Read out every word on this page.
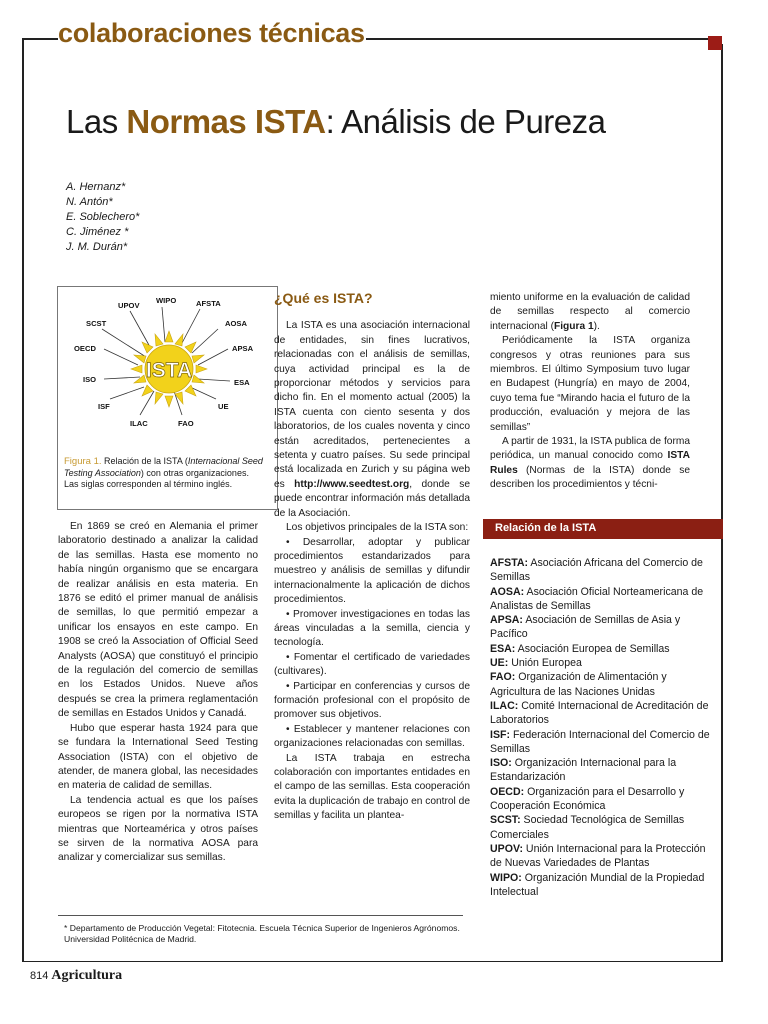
colaboraciones técnicas
Las Normas ISTA: Análisis de Pureza
A. Hernanz*
N. Antón*
E. Soblechero*
C. Jiménez *
J. M. Durán*
ISTA
WIPO	AFSTA
UPOV
SCST	AOSA
OECD	APSA
ISO	ESA
ISF	UE
ILAC	FAO
Figura 1. Relación de la ISTA (Internacional Seed Testing Association) con otras organizaciones. Las siglas corresponden al término inglés.

En 1869 se creó en Alemania el primer laboratorio destinado a analizar la calidad de las semillas. Hasta ese momento no había ningún organismo que se encargara de realizar análisis en esta materia. En 1876 se editó el primer manual de análisis de semillas, lo que permitió empezar a unificar los ensayos en este campo. En 1908 se creó la Association of Official Seed Analysts (AOSA) que constituyó el principio de la regulación del comercio de semillas en los Estados Unidos. Nueve años después se crea la primera reglamentación de semillas en Estados Unidos y Canadá.

Hubo que esperar hasta 1924 para que se fundara la International Seed Testing Association (ISTA) con el objetivo de atender, de manera global, las necesidades en materia de calidad de semillas.

La tendencia actual es que los países europeos se rigen por la normativa ISTA mientras que Norteamérica y otros países se sirven de la normativa AOSA para analizar y comercializar sus semillas.

¿Qué es ISTA?

La ISTA es una asociación internacional de entidades, sin fines lucrativos, relacionadas con el análisis de semillas, cuya actividad principal es la de proporcionar métodos y servicios para dicho fin. En el momento actual (2005) la ISTA cuenta con ciento sesenta y dos laboratorios, de los cuales noventa y cinco están acreditados, pertenecientes a setenta y cuatro países. Su sede principal está localizada en Zurich y su página web es http://www.seedtest.org, donde se puede encontrar información más detallada de la Asociación.

Los objetivos principales de la ISTA son:

• Desarrollar, adoptar y publicar procedimientos estandarizados para muestreo y análisis de semillas y difundir internacionalmente la aplicación de dichos procedimientos.

• Promover investigaciones en todas las áreas vinculadas a la semilla, ciencia y tecnología.

• Fomentar el certificado de variedades (cultivares).

• Participar en conferencias y cursos de formación profesional con el propósito de promover sus objetivos.

• Establecer y mantener relaciones con organizaciones relacionadas con semillas.

La ISTA trabaja en estrecha colaboración con importantes entidades en el campo de las semillas. Esta cooperación evita la duplicación de trabajo en control de semillas y facilita un plantea-

miento uniforme en la evaluación de calidad de semillas respecto al comercio internacional (Figura 1).

Periódicamente la ISTA organiza congresos y otras reuniones para sus miembros. El último Symposium tuvo lugar en Budapest (Hungría) en mayo de 2004, cuyo tema fue “Mirando hacia el futuro de la producción, evaluación y mejora de las semillas”

A partir de 1931, la ISTA publica de forma periódica, un manual conocido como ISTA Rules (Normas de la ISTA) donde se describen los procedimientos y técni-

Relación de la ISTA

AFSTA: Asociación Africana del Comercio de Semillas

AOSA: Asociación Oficial Norteamericana de Analistas de Semillas

APSA: Asociación de Semillas de Asia y Pacífico

ESA: Asociación Europea de Semillas

UE: Unión Europea

FAO: Organización de Alimentación y Agricultura de las Naciones Unidas

ILAC: Comité Internacional de Acreditación de Laboratorios

ISF: Federación Internacional del Comercio de Semillas

ISO: Organización Internacional para la Estandarización

OECD: Organización para el Desarrollo y Cooperación Económica

SCST: Sociedad Tecnológica de Semillas Comerciales

UPOV: Unión Internacional para la Protección de Nuevas Variedades de Plantas

WIPO: Organización Mundial de la Propiedad Intelectual

* Departamento de Producción Vegetal: Fitotecnia. Escuela Técnica Superior de Ingenieros Agrónomos. Universidad Politécnica de Madrid.
814 Agricultura
